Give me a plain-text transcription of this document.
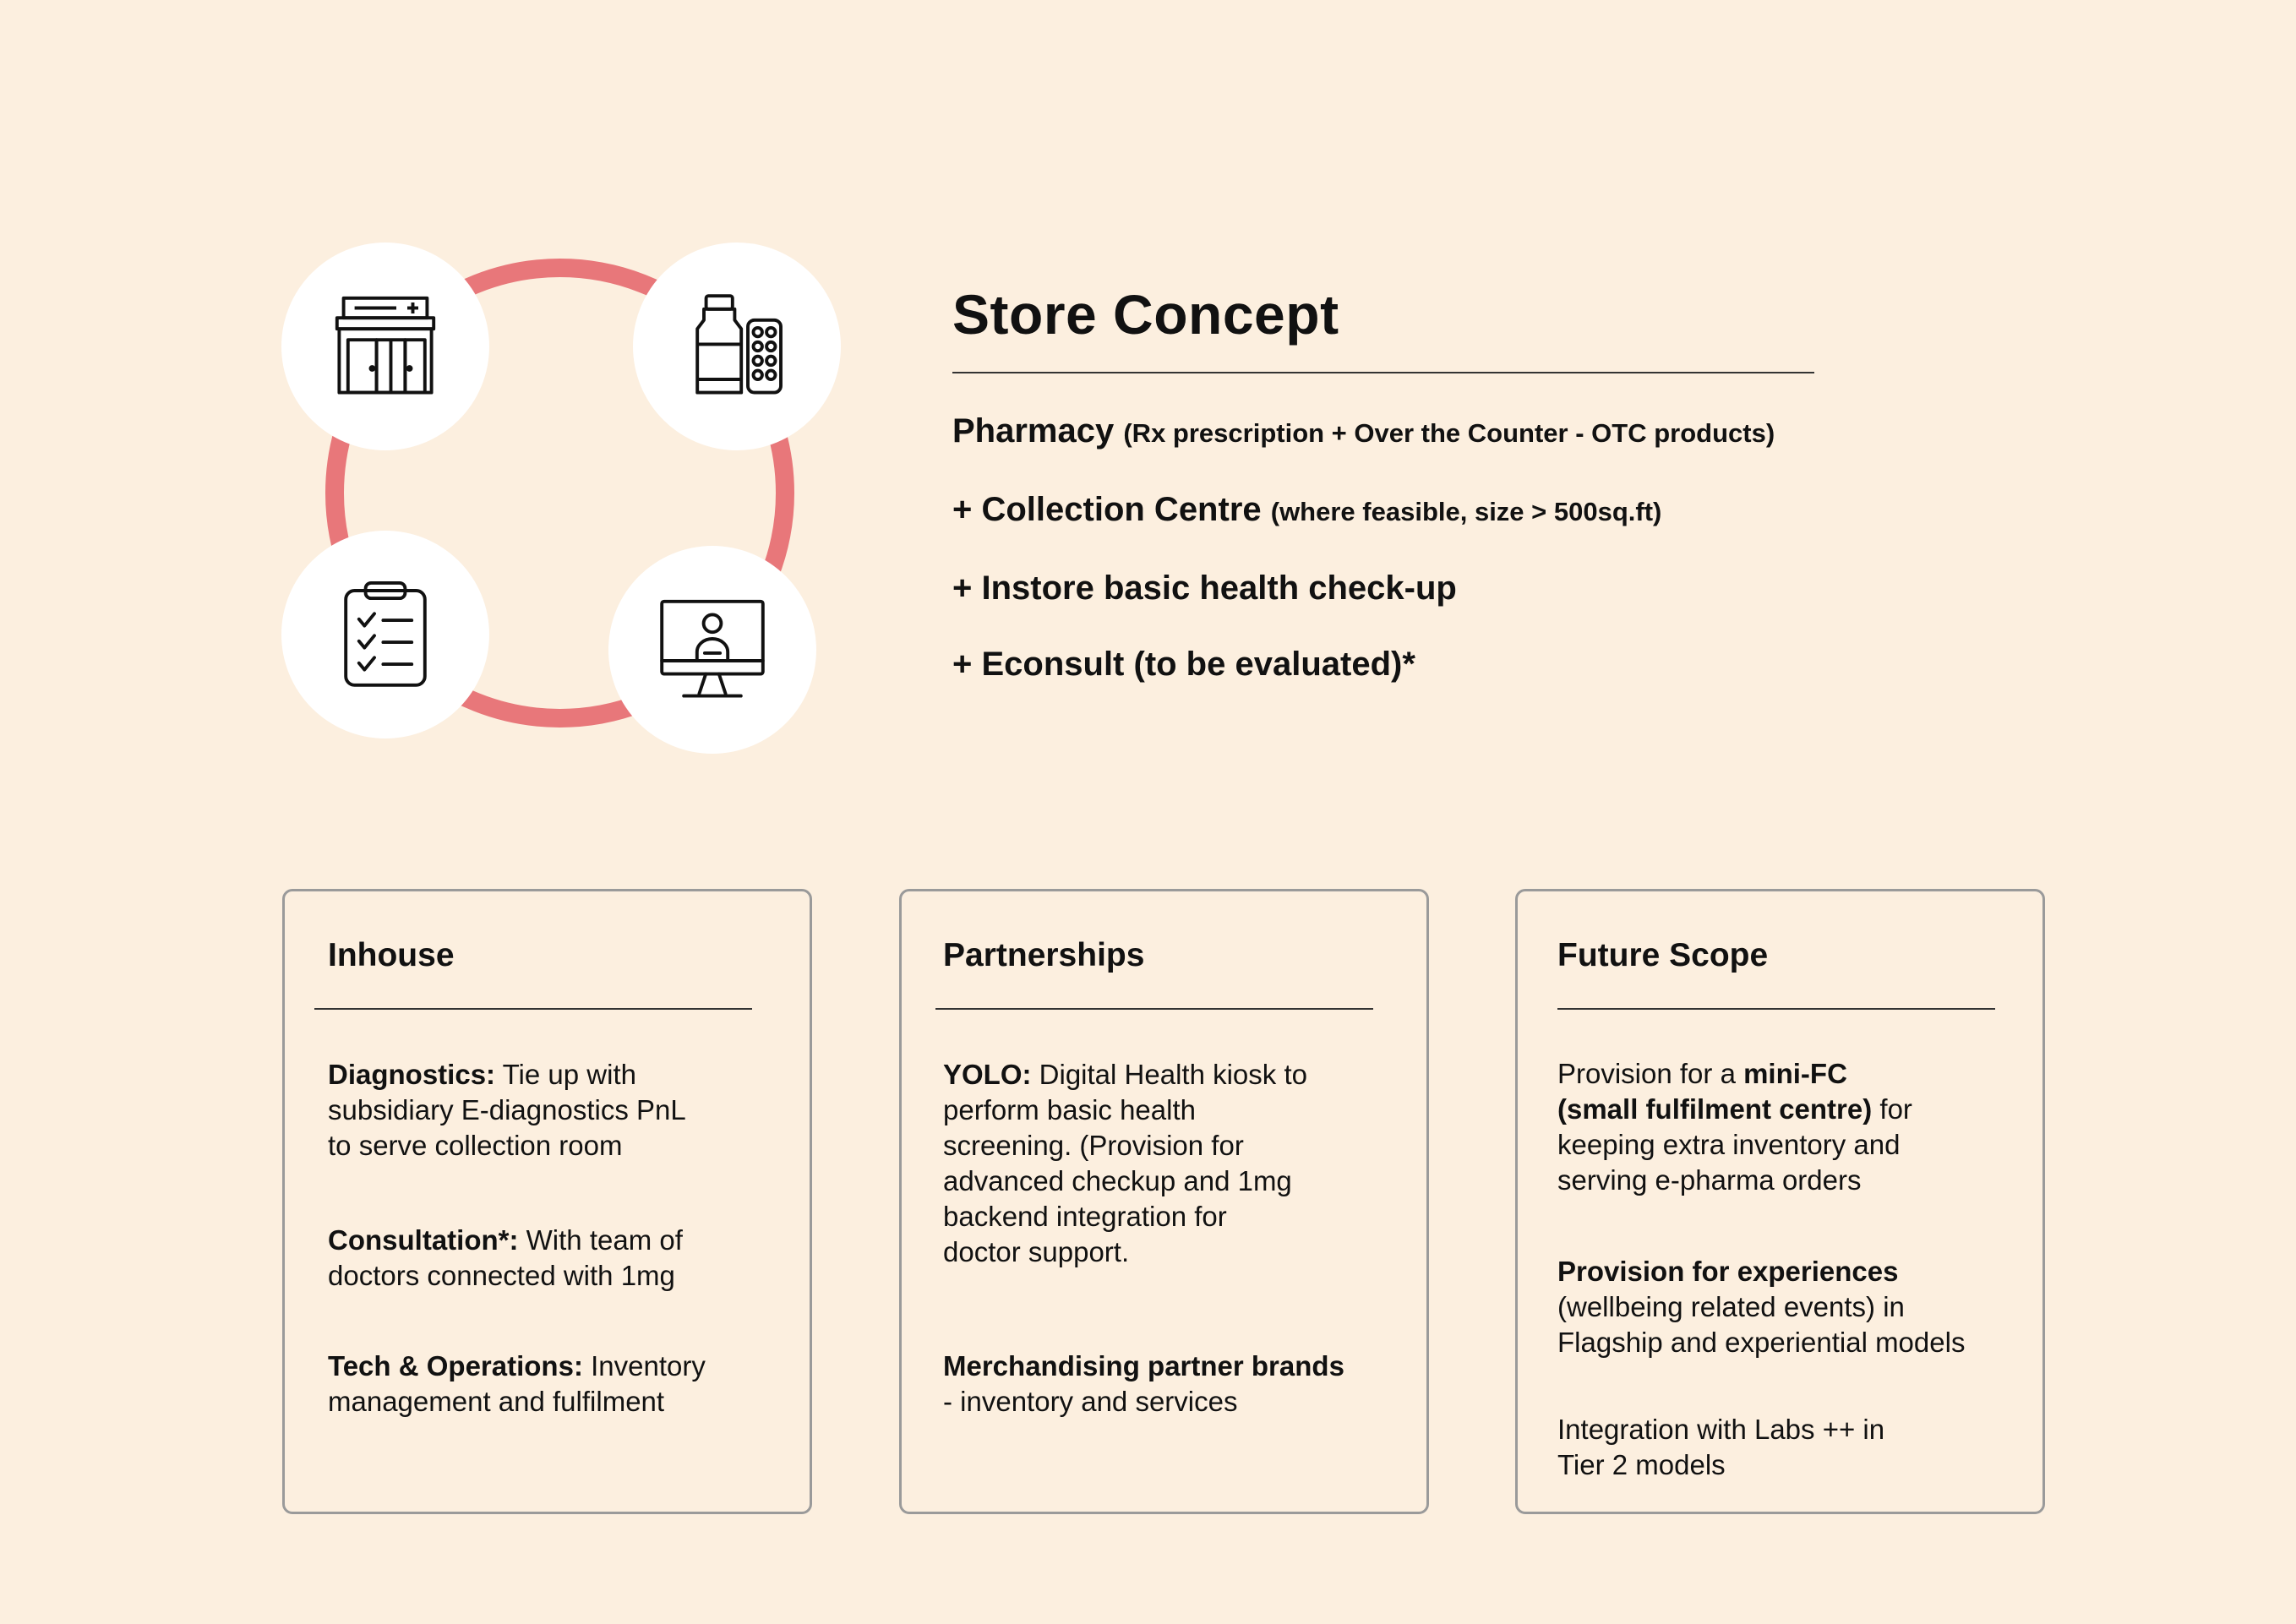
Store Concept
Pharmacy (Rx prescription + Over the Counter - OTC products)
+ Collection Centre (where feasible, size > 500sq.ft)
+ Instore basic health check-up
+ Econsult (to be evaluated)*
Inhouse
Diagnostics: Tie up with
subsidiary E-diagnostics PnL
to serve collection room
Consultation*: With team of
doctors connected with 1mg
Tech & Operations: Inventory
management and fulfilment
Partnerships
YOLO: Digital Health kiosk to
perform basic health
screening. (Provision for
advanced checkup and 1mg
backend integration for
doctor support.
Merchandising partner brands
- inventory and services
Future Scope
Provision for a mini-FC
(small fulfilment centre) for
keeping extra inventory and
serving e-pharma orders
Provision for experiences
(wellbeing related events) in
Flagship and experiential models
Integration with Labs ++ in
Tier 2 models
